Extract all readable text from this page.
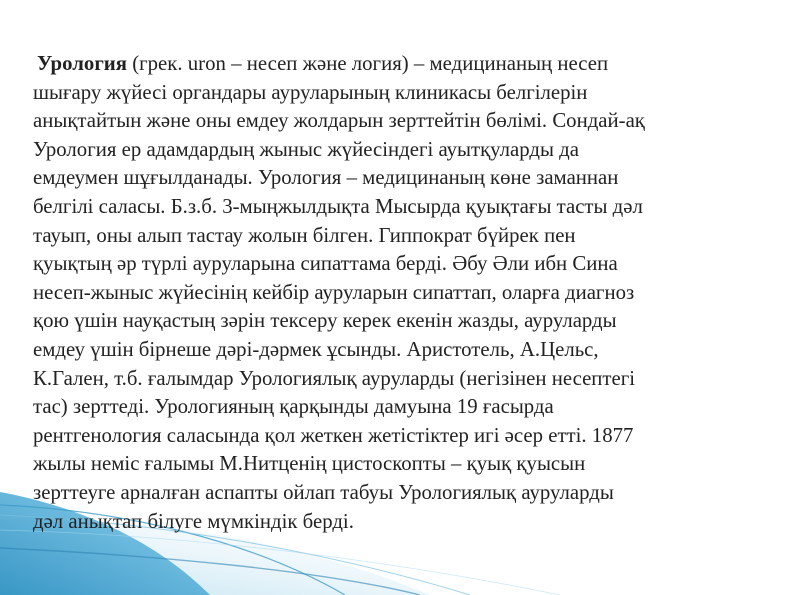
Урология (грек. uron – несеп және логия) – медицинаның несеп
шығару жүйесі органдары ауруларының клиникасы белгілерін
анықтайтын және оны емдеу жолдарын зерттейтін бөлімі. Сондай-ақ
Урология ер адамдардың жыныс жүйесіндегі ауытқуларды да
емдеумен шұғылданады. Урология – медицинаның көне заманнан
белгілі саласы. Б.з.б. 3-мыңжылдықта Мысырда қуықтағы тасты дәл
тауып, оны алып тастау жолын білген. Гиппократ бүйрек пен
қуықтың әр түрлі ауруларына сипаттама берді. Әбу Әли ибн Сина
несеп-жыныс жүйесінің кейбір ауруларын сипаттап, оларға диагноз
қою үшін науқастың зәрін тексеру керек екенін жазды, ауруларды
емдеу үшін бірнеше дәрі-дәрмек ұсынды. Аристотель, А.Цельс,
К.Гален, т.б. ғалымдар Урологиялық ауруларды (негізінен несептегі
тас) зерттеді. Урологияның қарқынды дамуына 19 ғасырда
рентгенология саласында қол жеткен жетістіктер игі әсер етті. 1877
жылы неміс ғалымы М.Нитценің цистоскопты – қуық қуысын
зерттеуге арналған аспапты ойлап табуы Урологиялық ауруларды
дәл анықтап білуге мүмкіндік берді.
